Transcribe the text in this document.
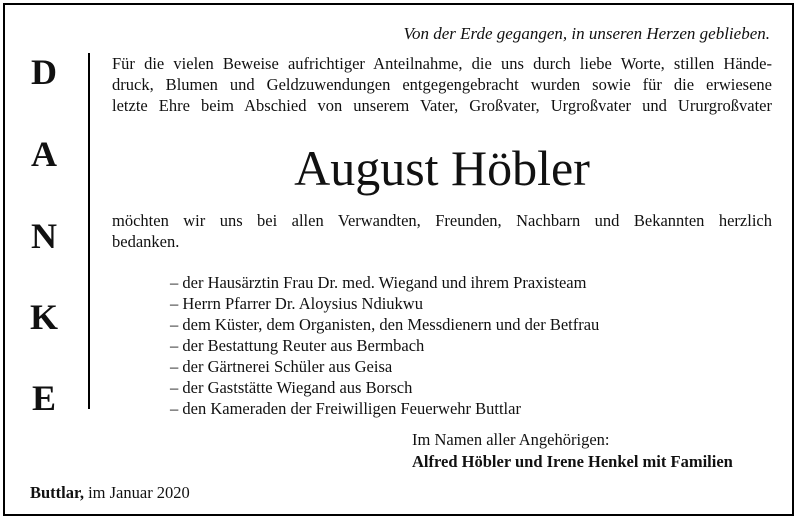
Von der Erde gegangen, in unseren Herzen geblieben.
D
A
N
K
E
Für die vielen Beweise aufrichtiger Anteilnahme, die uns durch liebe Worte, stillen Hände-
druck, Blumen und Geldzuwendungen entgegengebracht wurden sowie für die erwiesene
letzte Ehre beim Abschied von unserem Vater, Großvater, Urgroßvater und Ururgroßvater
August Höbler
möchten wir uns bei allen Verwandten, Freunden, Nachbarn und Bekannten herzlich
bedanken.
– der Hausärztin Frau Dr. med. Wiegand und ihrem Praxisteam
– Herrn Pfarrer Dr. Aloysius Ndiukwu
– dem Küster, dem Organisten, den Messdienern und der Betfrau
– der Bestattung Reuter aus Bermbach
– der Gärtnerei Schüler aus Geisa
– der Gaststätte Wiegand aus Borsch
– den Kameraden der Freiwilligen Feuerwehr Buttlar
Im Namen aller Angehörigen:
Alfred Höbler und Irene Henkel mit Familien
Buttlar, im Januar 2020
